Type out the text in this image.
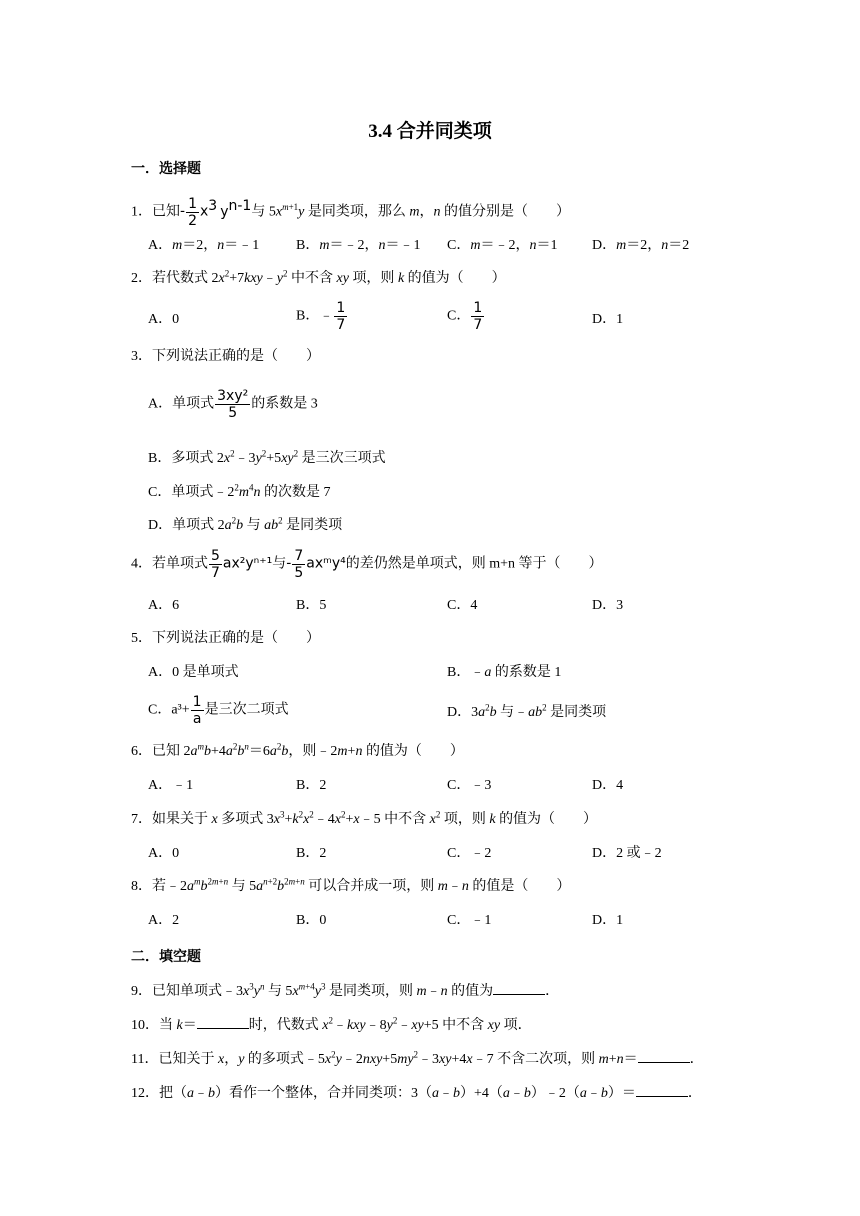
3.4 合并同类项
一．选择题
1．已知- $\frac{1}{2} x^3$ $y^{n-1}$与 $5x^{m+1}y$ 是同类项，那么 m，n 的值分别是（　　）
A．m＝2，n＝﹣1	B．m＝﹣2，n＝﹣1 C．m＝﹣2，n＝1 D．m＝2，n＝2
2．若代数式 $2x^2+7kxy﹣y^2$ 中不含 xy 项，则 k 的值为（　　）
A．0	B．﹣ $\frac{1}{7}$	C． $\frac{1}{7}$	D．1
3．下列说法正确的是（　　）
A．单项式 $\frac{\text{3xy²}}{5}$ 的系数是 3
B．多项式 $2x^2﹣3y^2+5xy^2$ 是三次三项式
C．单项式$﹣2^2m^4n$ 的次数是 7
D．单项式 $2a^2b$ 与 $ab^2$ 是同类项
4．若单项式 $\frac{5}{7} ax^2y^{n+1}$与- $\frac{7}{5}$ axᵐy⁴的差仍然是单项式，则 m+n 等于（　　）
A．6	B．5	C．4	D．3
5．下列说法正确的是（　　）
A．0 是单项式	B．﹣a 的系数是 1
C．$a^3+ \frac{1}{a}$ 是三次二项式	D．$3a^2b$ 与$﹣ab^2$ 是同类项
6．已知 $2a^mb+4a^2b^n=6a^2b$，则﹣2m+n 的值为（　　）
A．﹣1	B．2	C．﹣3	D．4
7．如果关于 x 多项式 $3x^3+k^2x^2﹣4x^2+x﹣5$ 中不含 $x^2$ 项，则 k 的值为（　　）
A．0	B．2	C．﹣2	D．2 或﹣2
8．若$﹣2a^mb^{2m+n}$ 与 $5a^{n+2}b^{2m+n}$ 可以合并成一项，则 m﹣n 的值是（　　）
A．2	B．0	C．﹣1	D．1
二．填空题
9．已知单项式$﹣3x^3y^n$ 与 $5x^{m+4}y^3$ 是同类项，则 m﹣n 的值为	．
10．当 k＝	时，代数式 $x^2﹣kxy﹣8y^2﹣xy+5$ 中不含 xy 项．
11．已知关于 x，y 的多项式$﹣5x^2y﹣2nxy+5my^2﹣3xy+4x﹣7$ 不含二次项，则 m+n＝	．
12．把（a﹣b）看作一个整体，合并同类项：3（a﹣b）+4（a﹣b）﹣2（a﹣b）＝	．
